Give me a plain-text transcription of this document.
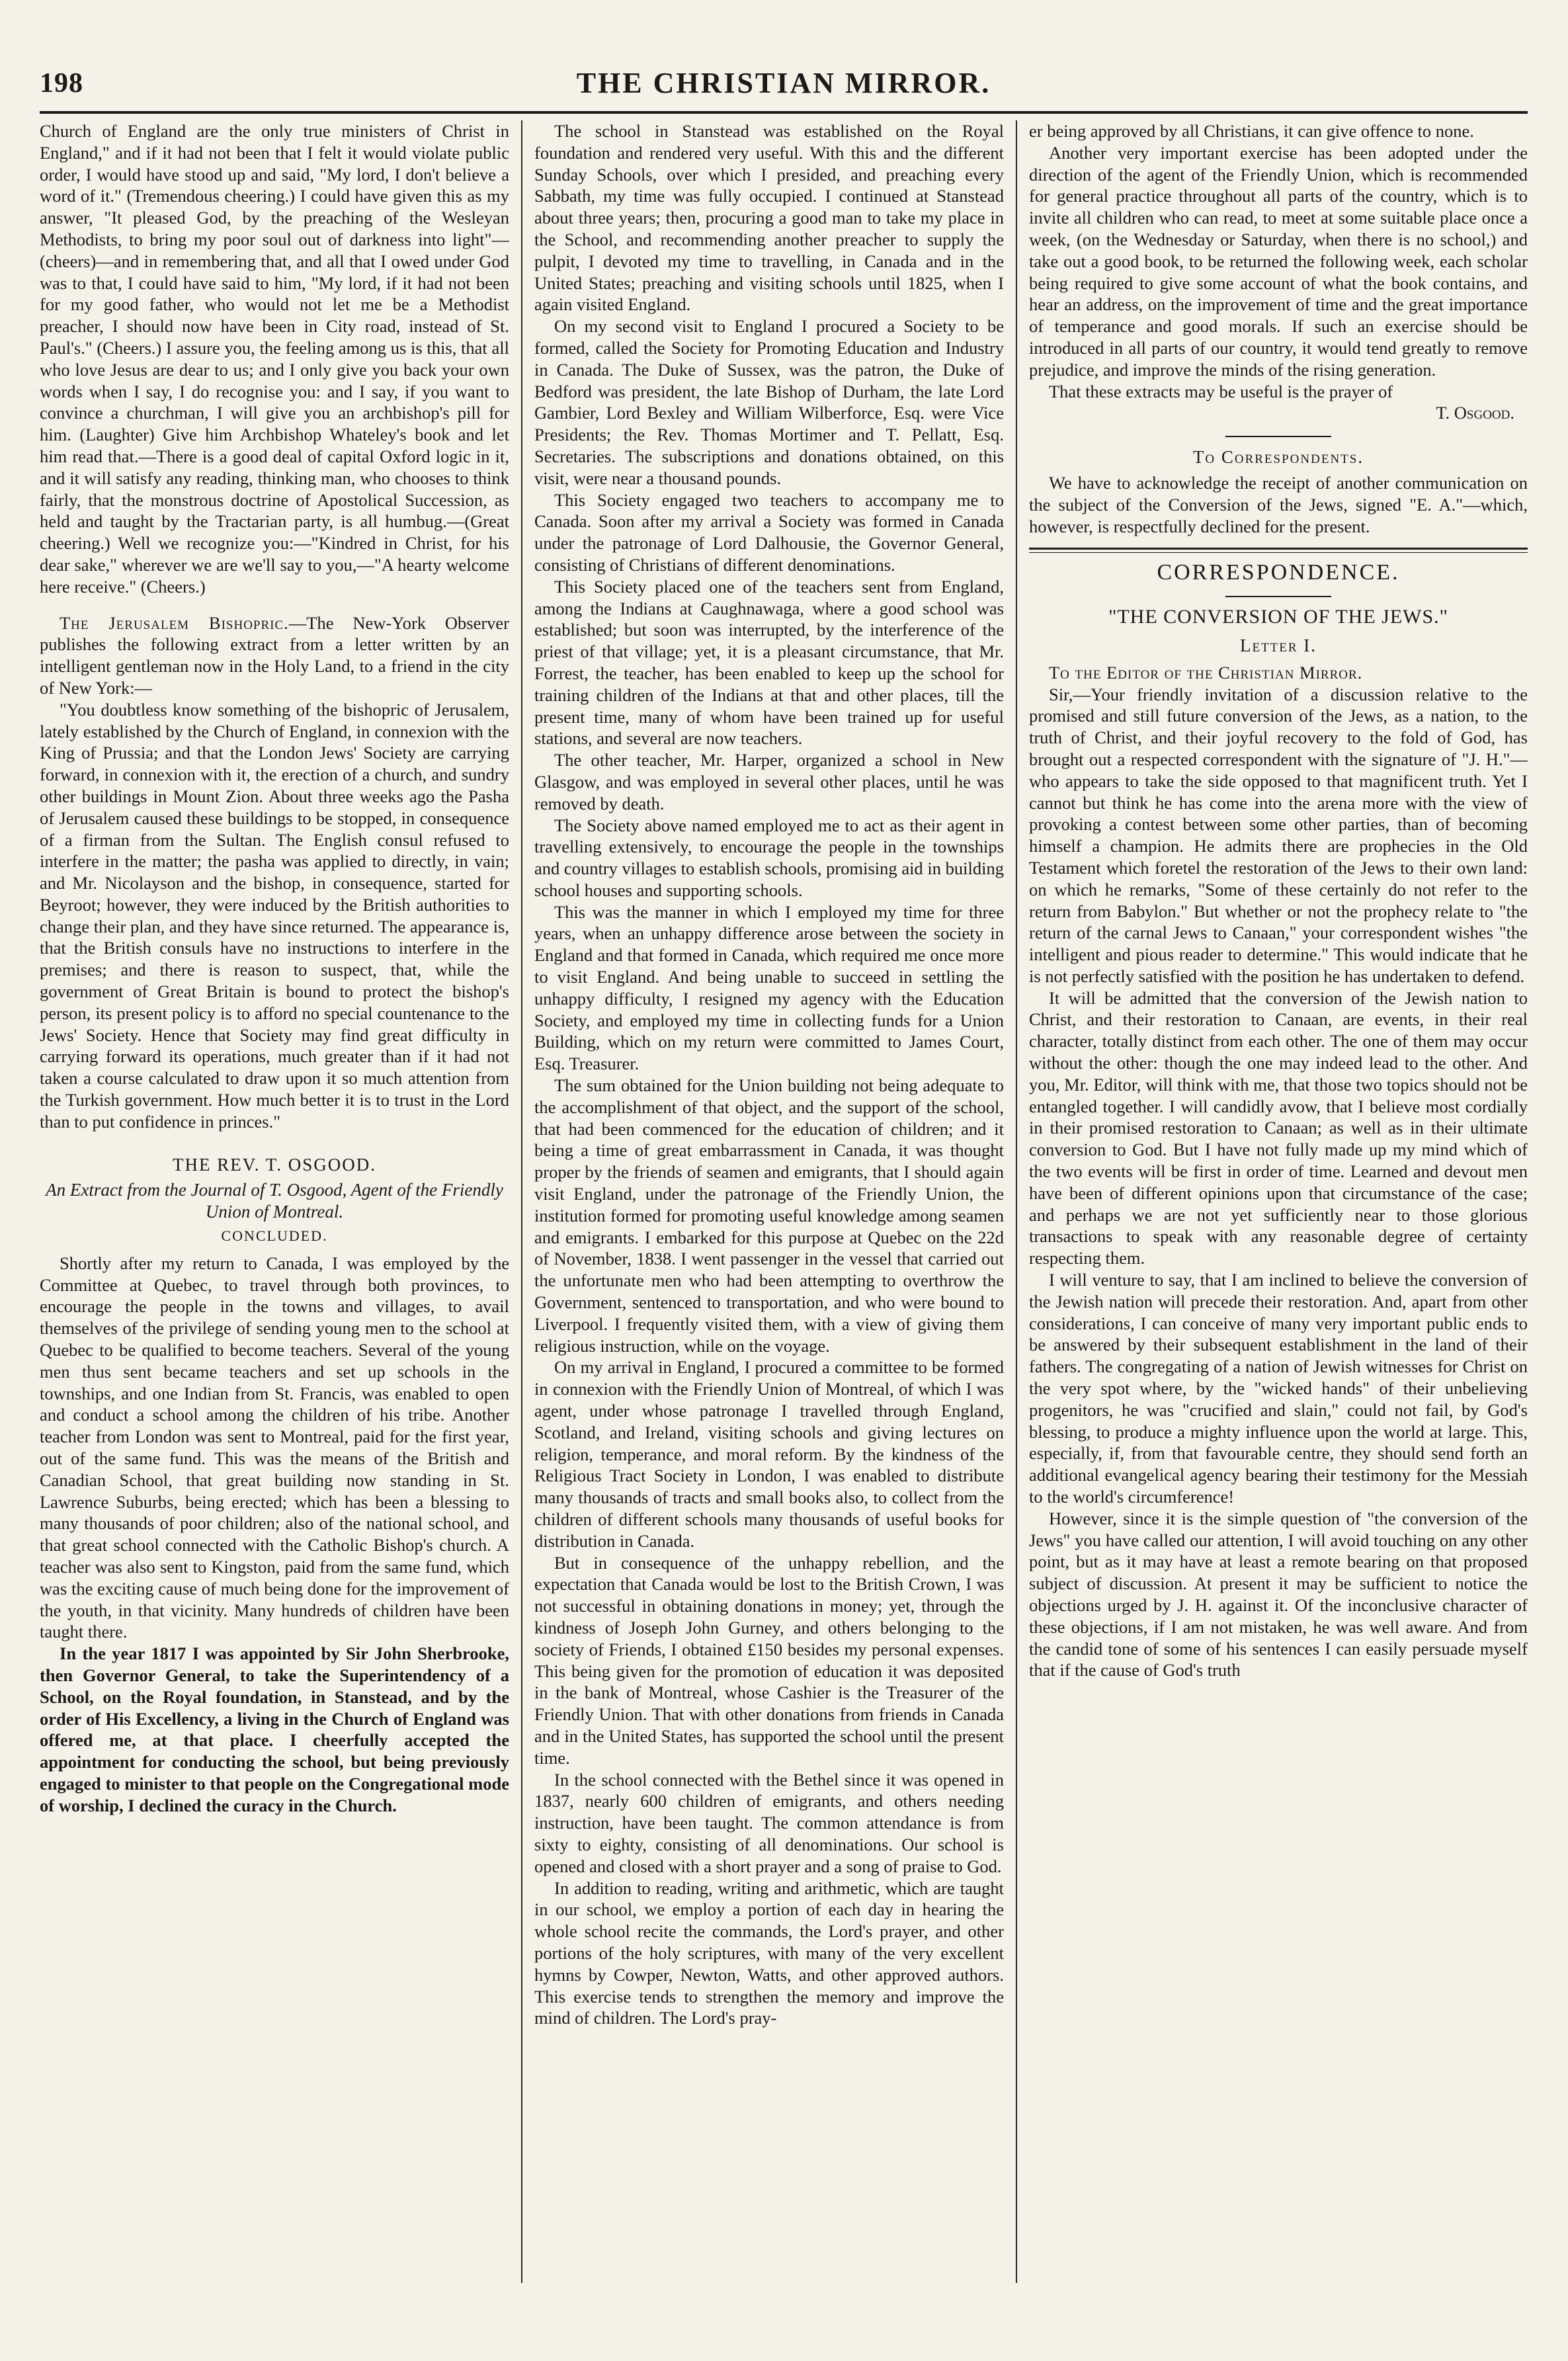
198	THE CHRISTIAN MIRROR.

Church of England are the only true ministers of Christ in England," and if it had not been that I felt it would violate public order, I would have stood up and said, "My lord, I don't believe a word of it." (Tremendous cheering.) I could have given this as my answer, "It pleased God, by the preaching of the Wesleyan Methodists, to bring my poor soul out of darkness into light"—(cheers)—and in remembering that, and all that I owed under God was to that, I could have said to him, "My lord, if it had not been for my good father, who would not let me be a Methodist preacher, I should now have been in City road, instead of St. Paul's." (Cheers.) I assure you, the feeling among us is this, that all who love Jesus are dear to us; and I only give you back your own words when I say, I do recognise you: and I say, if you want to convince a churchman, I will give you an archbishop's pill for him. (Laughter) Give him Archbishop Whateley's book and let him read that.—There is a good deal of capital Oxford logic in it, and it will satisfy any reading, thinking man, who chooses to think fairly, that the monstrous doctrine of Apostolical Succession, as held and taught by the Tractarian party, is all humbug.—(Great cheering.) Well we recognize you:—"Kindred in Christ, for his dear sake," wherever we are we'll say to you,—"A hearty welcome here receive." (Cheers.)

The Jerusalem Bishopric.—The New-York Observer publishes the following extract from a letter written by an intelligent gentleman now in the Holy Land, to a friend in the city of New York:—

"You doubtless know something of the bishopric of Jerusalem, lately established by the Church of England, in connexion with the King of Prussia; and that the London Jews' Society are carrying forward, in connexion with it, the erection of a church, and sundry other buildings in Mount Zion. About three weeks ago the Pasha of Jerusalem caused these buildings to be stopped, in consequence of a firman from the Sultan. The English consul refused to interfere in the matter; the pasha was applied to directly, in vain; and Mr. Nicolayson and the bishop, in consequence, started for Beyroot; however, they were induced by the British authorities to change their plan, and they have since returned. The appearance is, that the British consuls have no instructions to interfere in the premises; and there is reason to suspect, that, while the government of Great Britain is bound to protect the bishop's person, its present policy is to afford no special countenance to the Jews' Society. Hence that Society may find great difficulty in carrying forward its operations, much greater than if it had not taken a course calculated to draw upon it so much attention from the Turkish government. How much better it is to trust in the Lord than to put confidence in princes."

THE REV. T. OSGOOD.
An Extract from the Journal of T. Osgood, Agent of the Friendly Union of Montreal.
CONCLUDED.

Shortly after my return to Canada, I was employed by the Committee at Quebec, to travel through both provinces, to encourage the people in the towns and villages, to avail themselves of the privilege of sending young men to the school at Quebec to be qualified to become teachers. Several of the young men thus sent became teachers and set up schools in the townships, and one Indian from St. Francis, was enabled to open and conduct a school among the children of his tribe. Another teacher from London was sent to Montreal, paid for the first year, out of the same fund. This was the means of the British and Canadian School, that great building now standing in St. Lawrence Suburbs, being erected; which has been a blessing to many thousands of poor children; also of the national school, and that great school connected with the Catholic Bishop's church. A teacher was also sent to Kingston, paid from the same fund, which was the exciting cause of much being done for the improvement of the youth, in that vicinity. Many hundreds of children have been taught there.

In the year 1817 I was appointed by Sir John Sherbrooke, then Governor General, to take the Superintendency of a School, on the Royal foundation, in Stanstead, and by the order of His Excellency, a living in the Church of England was offered me, at that place. I cheerfully accepted the appointment for conducting the school, but being previously engaged to minister to that people on the Congregational mode of worship, I declined the curacy in the Church.

The school in Stanstead was established on the Royal foundation and rendered very useful. With this and the different Sunday Schools, over which I presided, and preaching every Sabbath, my time was fully occupied. I continued at Stanstead about three years; then, procuring a good man to take my place in the School, and recommending another preacher to supply the pulpit, I devoted my time to travelling, in Canada and in the United States; preaching and visiting schools until 1825, when I again visited England.

On my second visit to England I procured a Society to be formed, called the Society for Promoting Education and Industry in Canada. The Duke of Sussex, was the patron, the Duke of Bedford was president, the late Bishop of Durham, the late Lord Gambier, Lord Bexley and William Wilberforce, Esq. were Vice Presidents; the Rev. Thomas Mortimer and T. Pellatt, Esq. Secretaries. The subscriptions and donations obtained, on this visit, were near a thousand pounds.

This Society engaged two teachers to accompany me to Canada. Soon after my arrival a Society was formed in Canada under the patronage of Lord Dalhousie, the Governor General, consisting of Christians of different denominations.

This Society placed one of the teachers sent from England, among the Indians at Caughnawaga, where a good school was established; but soon was interrupted, by the interference of the priest of that village; yet, it is a pleasant circumstance, that Mr. Forrest, the teacher, has been enabled to keep up the school for training children of the Indians at that and other places, till the present time, many of whom have been trained up for useful stations, and several are now teachers.

The other teacher, Mr. Harper, organized a school in New Glasgow, and was employed in several other places, until he was removed by death.

The Society above named employed me to act as their agent in travelling extensively, to encourage the people in the townships and country villages to establish schools, promising aid in building school houses and supporting schools.

This was the manner in which I employed my time for three years, when an unhappy difference arose between the society in England and that formed in Canada, which required me once more to visit England. And being unable to succeed in settling the unhappy difficulty, I resigned my agency with the Education Society, and employed my time in collecting funds for a Union Building, which on my return were committed to James Court, Esq. Treasurer.

The sum obtained for the Union building not being adequate to the accomplishment of that object, and the support of the school, that had been commenced for the education of children; and it being a time of great embarrassment in Canada, it was thought proper by the friends of seamen and emigrants, that I should again visit England, under the patronage of the Friendly Union, the institution formed for promoting useful knowledge among seamen and emigrants. I embarked for this purpose at Quebec on the 22d of November, 1838. I went passenger in the vessel that carried out the unfortunate men who had been attempting to overthrow the Government, sentenced to transportation, and who were bound to Liverpool. I frequently visited them, with a view of giving them religious instruction, while on the voyage.

On my arrival in England, I procured a committee to be formed in connexion with the Friendly Union of Montreal, of which I was agent, under whose patronage I travelled through England, Scotland, and Ireland, visiting schools and giving lectures on religion, temperance, and moral reform. By the kindness of the Religious Tract Society in London, I was enabled to distribute many thousands of tracts and small books also, to collect from the children of different schools many thousands of useful books for distribution in Canada.

But in consequence of the unhappy rebellion, and the expectation that Canada would be lost to the British Crown, I was not successful in obtaining donations in money; yet, through the kindness of Joseph John Gurney, and others belonging to the society of Friends, I obtained £150 besides my personal expenses. This being given for the promotion of education it was deposited in the bank of Montreal, whose Cashier is the Treasurer of the Friendly Union. That with other donations from friends in Canada and in the United States, has supported the school until the present time.

In the school connected with the Bethel since it was opened in 1837, nearly 600 children of emigrants, and others needing instruction, have been taught. The common attendance is from sixty to eighty, consisting of all denominations. Our school is opened and closed with a short prayer and a song of praise to God.

In addition to reading, writing and arithmetic, which are taught in our school, we employ a portion of each day in hearing the whole school recite the commands, the Lord's prayer, and other portions of the holy scriptures, with many of the very excellent hymns by Cowper, Newton, Watts, and other approved authors. This exercise tends to strengthen the memory and improve the mind of children. The Lord's pray-

er being approved by all Christians, it can give offence to none.

Another very important exercise has been adopted under the direction of the agent of the Friendly Union, which is recommended for general practice throughout all parts of the country, which is to invite all children who can read, to meet at some suitable place once a week, (on the Wednesday or Saturday, when there is no school,) and take out a good book, to be returned the following week, each scholar being required to give some account of what the book contains, and hear an address, on the improvement of time and the great importance of temperance and good morals. If such an exercise should be introduced in all parts of our country, it would tend greatly to remove prejudice, and improve the minds of the rising generation.

That these extracts may be useful is the prayer of

T. Osgood.
To Correspondents.

We have to acknowledge the receipt of another communication on the subject of the Conversion of the Jews, signed "E. A."—which, however, is respectfully declined for the present.

CORRESPONDENCE.
"THE CONVERSION OF THE JEWS."
Letter I.

To the Editor of the Christian Mirror.

Sir,—Your friendly invitation of a discussion relative to the promised and still future conversion of the Jews, as a nation, to the truth of Christ, and their joyful recovery to the fold of God, has brought out a respected correspondent with the signature of "J. H."—who appears to take the side opposed to that magnificent truth. Yet I cannot but think he has come into the arena more with the view of provoking a contest between some other parties, than of becoming himself a champion. He admits there are prophecies in the Old Testament which foretel the restoration of the Jews to their own land: on which he remarks, "Some of these certainly do not refer to the return from Babylon." But whether or not the prophecy relate to "the return of the carnal Jews to Canaan," your correspondent wishes "the intelligent and pious reader to determine." This would indicate that he is not perfectly satisfied with the position he has undertaken to defend.

It will be admitted that the conversion of the Jewish nation to Christ, and their restoration to Canaan, are events, in their real character, totally distinct from each other. The one of them may occur without the other: though the one may indeed lead to the other. And you, Mr. Editor, will think with me, that those two topics should not be entangled together. I will candidly avow, that I believe most cordially in their promised restoration to Canaan; as well as in their ultimate conversion to God. But I have not fully made up my mind which of the two events will be first in order of time. Learned and devout men have been of different opinions upon that circumstance of the case; and perhaps we are not yet sufficiently near to those glorious transactions to speak with any reasonable degree of certainty respecting them.

I will venture to say, that I am inclined to believe the conversion of the Jewish nation will precede their restoration. And, apart from other considerations, I can conceive of many very important public ends to be answered by their subsequent establishment in the land of their fathers. The congregating of a nation of Jewish witnesses for Christ on the very spot where, by the "wicked hands" of their unbelieving progenitors, he was "crucified and slain," could not fail, by God's blessing, to produce a mighty influence upon the world at large. This, especially, if, from that favourable centre, they should send forth an additional evangelical agency bearing their testimony for the Messiah to the world's circumference!

However, since it is the simple question of "the conversion of the Jews" you have called our attention, I will avoid touching on any other point, but as it may have at least a remote bearing on that proposed subject of discussion. At present it may be sufficient to notice the objections urged by J. H. against it. Of the inconclusive character of these objections, if I am not mistaken, he was well aware. And from the candid tone of some of his sentences I can easily persuade myself that if the cause of God's truth
